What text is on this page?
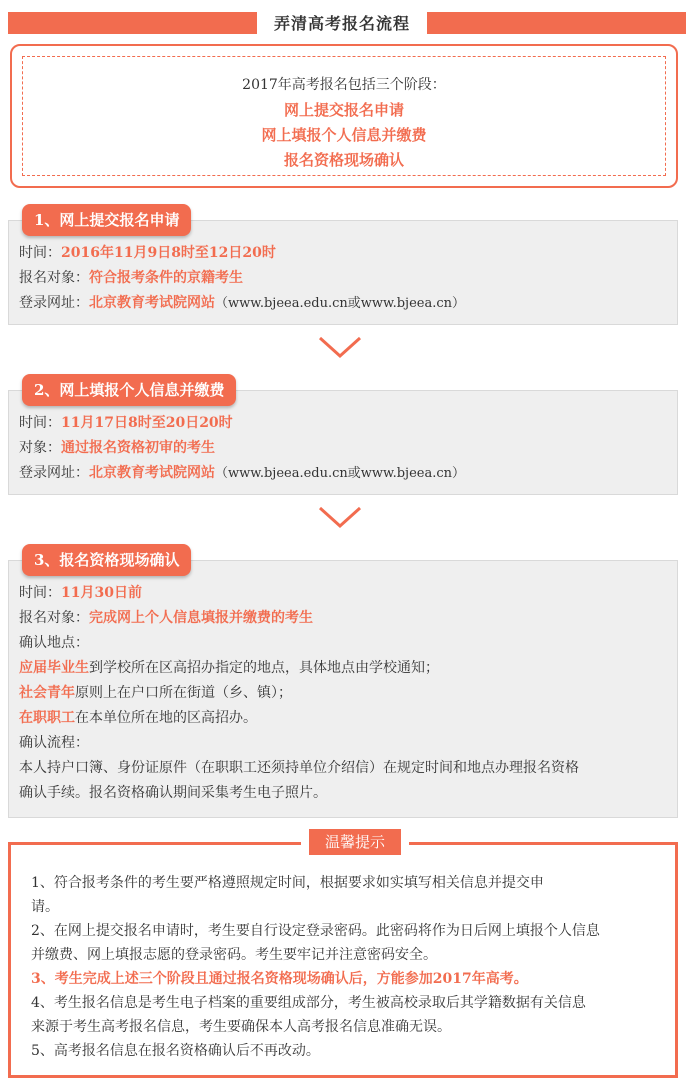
弄清高考报名流程
2017年高考报名包括三个阶段：
网上提交报名申请
网上填报个人信息并缴费
报名资格现场确认
时间：2016年11月9日8时至12日20时
报名对象：符合报考条件的京籍考生
登录网址：北京教育考试院网站（www.bjeea.edu.cn或www.bjeea.cn）
1、网上提交报名申请
时间：11月17日8时至20日20时
对象：通过报名资格初审的考生
登录网址：北京教育考试院网站（www.bjeea.edu.cn或www.bjeea.cn）
2、网上填报个人信息并缴费
时间：11月30日前
报名对象：完成网上个人信息填报并缴费的考生
确认地点：
应届毕业生到学校所在区高招办指定的地点，具体地点由学校通知；
社会青年原则上在户口所在街道（乡、镇）；
在职职工在本单位所在地的区高招办。
确认流程：
本人持户口簿、身份证原件（在职职工还须持单位介绍信）在规定时间和地点办理报名资格
确认手续。报名资格确认期间采集考生电子照片。
3、报名资格现场确认
1、符合报考条件的考生要严格遵照规定时间，根据要求如实填写相关信息并提交申
请。
2、在网上提交报名申请时，考生要自行设定登录密码。此密码将作为日后网上填报个人信息
并缴费、网上填报志愿的登录密码。考生要牢记并注意密码安全。
3、考生完成上述三个阶段且通过报名资格现场确认后，方能参加2017年高考。
4、考生报名信息是考生电子档案的重要组成部分，考生被高校录取后其学籍数据有关信息
来源于考生高考报名信息，考生要确保本人高考报名信息准确无误。
5、高考报名信息在报名资格确认后不再改动。
温馨提示
